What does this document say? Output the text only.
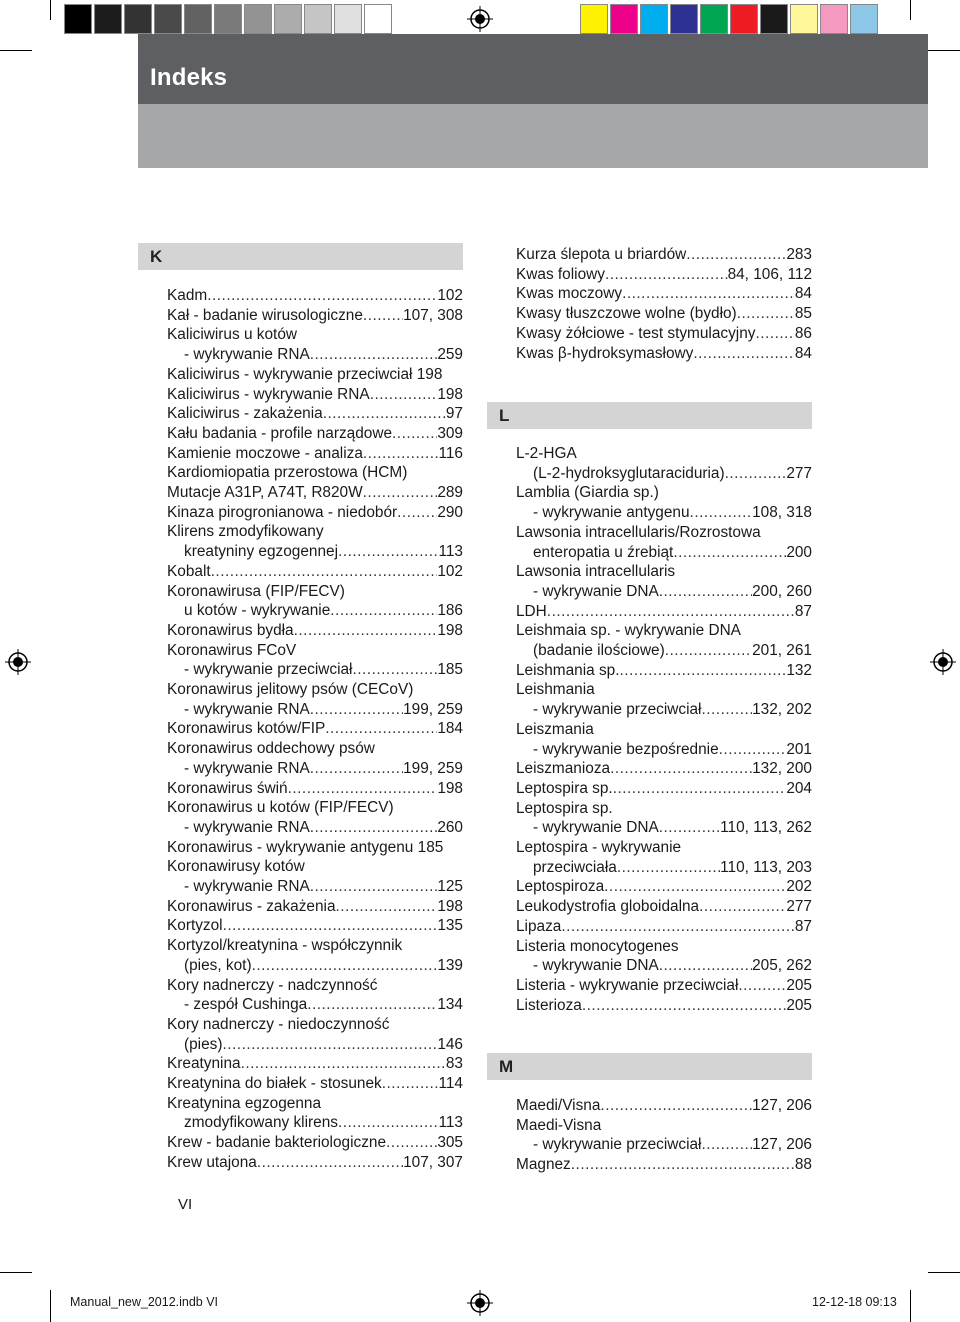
Indeks
K
L
M
Kadm .....	102
Kał - badanie wirusologiczne .....	107, 308
Kaliciwirus u kotów
- wykrywanie RNA .....	259
Kaliciwirus - wykrywanie przeciwciał 198
Kaliciwirus - wykrywanie RNA .....	198
Kaliciwirus - zakażenia .....	97
Kału badania - profile narządowe .....	309
Kamienie moczowe - analiza .....	116
Kardiomiopatia przerostowa (HCM)
Mutacje A31P, A74T, R820W .....	289
Kinaza pirogronianowa - niedobór .....	290
Klirens zmodyfikowany
kreatyniny egzogennej .....	113
Kobalt .....	102
Koronawirusa (FIP/FECV)
u kotów - wykrywanie .....	186
Koronawirus bydła .....	198
Koronawirus FCoV
- wykrywanie przeciwciał .....	185
Koronawirus jelitowy psów (CECoV)
- wykrywanie RNA .....	199, 259
Koronawirus kotów/FIP .....	184
Koronawirus oddechowy psów
- wykrywanie RNA .....	199, 259
Koronawirus świń .....	198
Koronawirus u kotów (FIP/FECV)
- wykrywanie RNA .....	260
Koronawirus - wykrywanie antygenu 185
Koronawirusy kotów
- wykrywanie RNA .....	125
Koronawirus - zakażenia .....	198
Kortyzol .....	135
Kortyzol/kreatynina - współczynnik
(pies, kot) .....	139
Kory nadnerczy - nadczynność
- zespół Cushinga .....	134
Kory nadnerczy - niedoczynność
(pies) .....	146
Kreatynina .....	83
Kreatynina do białek - stosunek .....	114
Kreatynina egzogenna
zmodyfikowany klirens .....	113
Krew - badanie bakteriologiczne .....	305
Krew utajona .....	107, 307
Kurza ślepota u briardów .....	283
Kwas foliowy .....	84, 106, 112
Kwas moczowy .....	84
Kwasy tłuszczowe wolne (bydło) .....	85
Kwasy żółciowe - test stymulacyjny .....	86
Kwas β-hydroksymasłowy .....	84
L-2-HGA
(L-2-hydroksyglutaracidurіa) .....	277
Lamblia (Giardia sp.)
- wykrywanie antygenu .....	108, 318
Lawsonia intracellularis/Rozrostowa
enteropatia u źrebiąt .....	200
Lawsonia intracellularis
- wykrywanie DNA .....	200, 260
LDH .....	87
Leishmaia sp. - wykrywanie DNA
(badanie ilościowe) .....	201, 261
Leishmania sp. .....	132
Leishmania
- wykrywanie przeciwciał .....	132, 202
Leiszmania
- wykrywanie bezpośrednie .....	201
Leiszmanioza .....	132, 200
Leptospira sp. .....	204
Leptospira sp.
- wykrywanie DNA .....	110, 113, 262
Leptospira - wykrywanie
przeciwciała .....	110, 113, 203
Leptospiroza .....	202
Leukodystrofia globoidalna .....	277
Lipaza .....	87
Listeria monocytogenes
- wykrywanie DNA .....	205, 262
Listeria - wykrywanie przeciwciał .....	205
Listerioza .....	205
Maedi/Visna .....	127, 206
Maedi-Visna
- wykrywanie przeciwciał .....	127, 206
Magnez .....	88
VI
Manual_new_2012.indb VI	12-12-18 09:13
